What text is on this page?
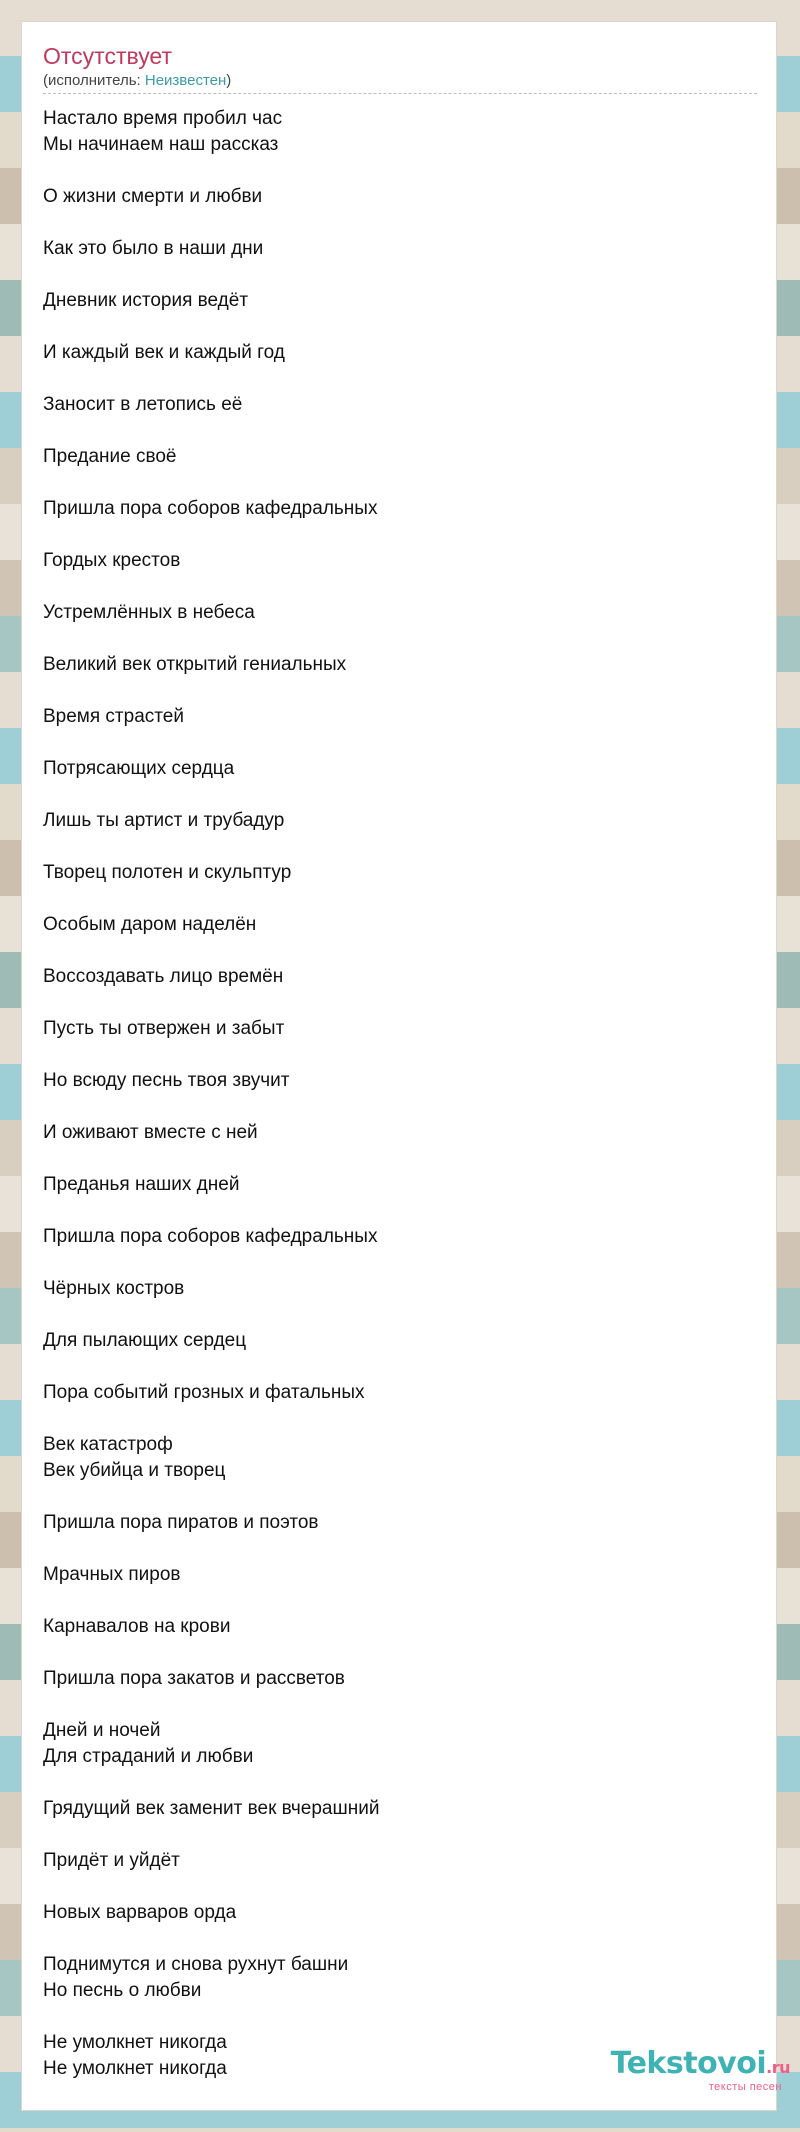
Отсутствует
(исполнитель: Неизвестен)

Настало время пробил час
Мы начинаем наш рассказ

О жизни смерти и любви

Как это было в наши дни

Дневник история ведёт

И каждый век и каждый год

Заносит в летопись её

Предание своё

Пришла пора соборов кафедральных

Гордых крестов

Устремлённых в небеса

Великий век открытий гениальных

Время страстей

Потрясающих сердца

Лишь ты артист и трубадур

Творец полотен и скульптур

Особым даром наделён

Воссоздавать лицо времён

Пусть ты отвержен и забыт

Но всюду песнь твоя звучит

И оживают вместе с ней

Преданья наших дней

Пришла пора соборов кафедральных

Чёрных костров

Для пылающих сердец

Пора событий грозных и фатальных

Век катастроф
Век убийца и творец

Пришла пора пиратов и поэтов

Мрачных пиров

Карнавалов на крови

Пришла пора закатов и рассветов

Дней и ночей
Для страданий и любви

Грядущий век заменит век вчерашний

Придёт и уйдёт

Новых варваров орда

Поднимутся и снова рухнут башни
Но песнь о любви

Не умолкнет никогда
Не умолкнет никогда	Tekstovoi.ru
тексты песен
